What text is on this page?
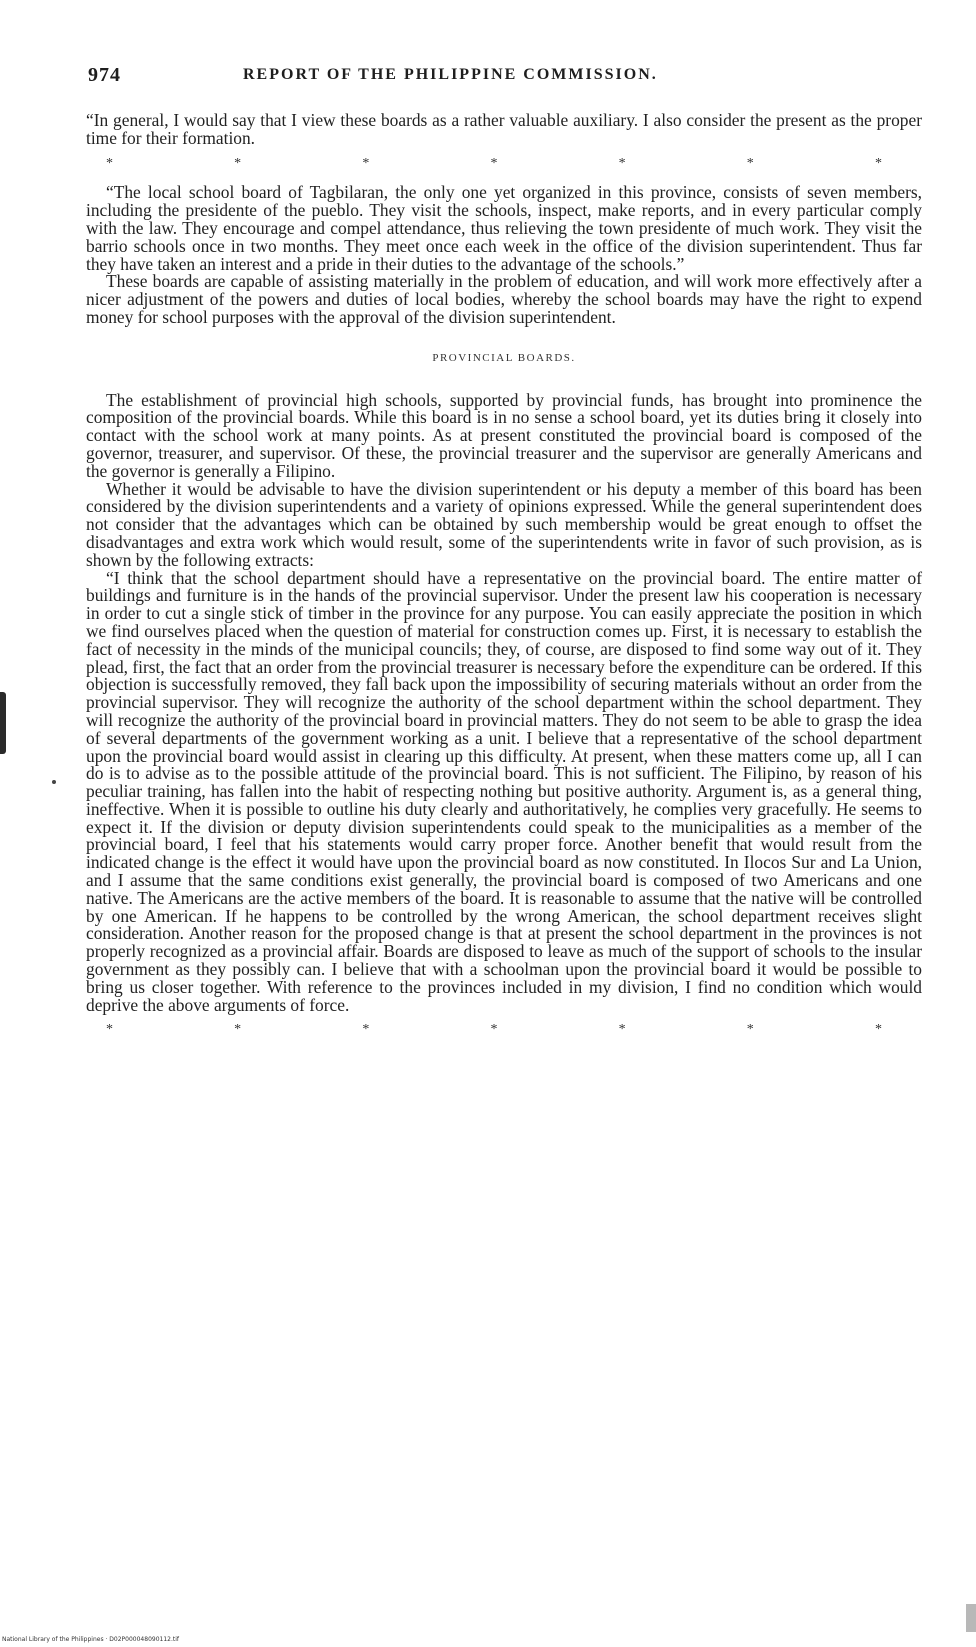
974	REPORT OF THE PHILIPPINE COMMISSION.

“In general, I would say that I view these boards as a rather valuable auxiliary. I also consider the present as the proper time for their formation.

*	*	*	*	*	*	*

“The local school board of Tagbilaran, the only one yet organized in this province, consists of seven members, including the presidente of the pueblo. They visit the schools, inspect, make reports, and in every particular comply with the law. They encourage and compel attendance, thus relieving the town presidente of much work. They visit the barrio schools once in two months. They meet once each week in the office of the division superintendent. Thus far they have taken an interest and a pride in their duties to the advantage of the schools.”

These boards are capable of assisting materially in the problem of education, and will work more effectively after a nicer adjustment of the powers and duties of local bodies, whereby the school boards may have the right to expend money for school purposes with the approval of the division superintendent.

PROVINCIAL BOARDS.

The establishment of provincial high schools, supported by provincial funds, has brought into prominence the composition of the provincial boards. While this board is in no sense a school board, yet its duties bring it closely into contact with the school work at many points. As at present constituted the provincial board is composed of the governor, treasurer, and supervisor. Of these, the provincial treasurer and the supervisor are generally Americans and the governor is generally a Filipino.

Whether it would be advisable to have the division superintendent or his deputy a member of this board has been considered by the division superintendents and a variety of opinions expressed. While the general superintendent does not consider that the advantages which can be obtained by such membership would be great enough to offset the disadvantages and extra work which would result, some of the superintendents write in favor of such provision, as is shown by the following extracts:

“I think that the school department should have a representative on the provincial board. The entire matter of buildings and furniture is in the hands of the provincial supervisor. Under the present law his cooperation is necessary in order to cut a single stick of timber in the province for any purpose. You can easily appreciate the position in which we find ourselves placed when the question of material for construction comes up. First, it is necessary to establish the fact of necessity in the minds of the municipal councils; they, of course, are disposed to find some way out of it. They plead, first, the fact that an order from the provincial treasurer is necessary before the expenditure can be ordered. If this objection is successfully removed, they fall back upon the impossibility of securing materials without an order from the provincial supervisor. They will recognize the authority of the school department within the school department. They will recognize the authority of the provincial board in provincial matters. They do not seem to be able to grasp the idea of several departments of the government working as a unit. I believe that a representative of the school department upon the provincial board would assist in clearing up this difficulty. At present, when these matters come up, all I can do is to advise as to the possible attitude of the provincial board. This is not sufficient. The Filipino, by reason of his peculiar training, has fallen into the habit of respecting nothing but positive authority. Argument is, as a general thing, ineffective. When it is possible to outline his duty clearly and authoritatively, he complies very gracefully. He seems to expect it. If the division or deputy division superintendents could speak to the municipalities as a member of the provincial board, I feel that his statements would carry proper force. Another benefit that would result from the indicated change is the effect it would have upon the provincial board as now constituted. In Ilocos Sur and La Union, and I assume that the same conditions exist generally, the provincial board is composed of two Americans and one native. The Americans are the active members of the board. It is reasonable to assume that the native will be controlled by one American. If he happens to be controlled by the wrong American, the school department receives slight consideration. Another reason for the proposed change is that at present the school department in the provinces is not properly recognized as a provincial affair. Boards are disposed to leave as much of the support of schools to the insular government as they possibly can. I believe that with a schoolman upon the provincial board it would be possible to bring us closer together. With reference to the provinces included in my division, I find no condition which would deprive the above arguments of force.

*	*	*	*	*	*	*
National Library of the Philippines · D02P000048090112.tif
